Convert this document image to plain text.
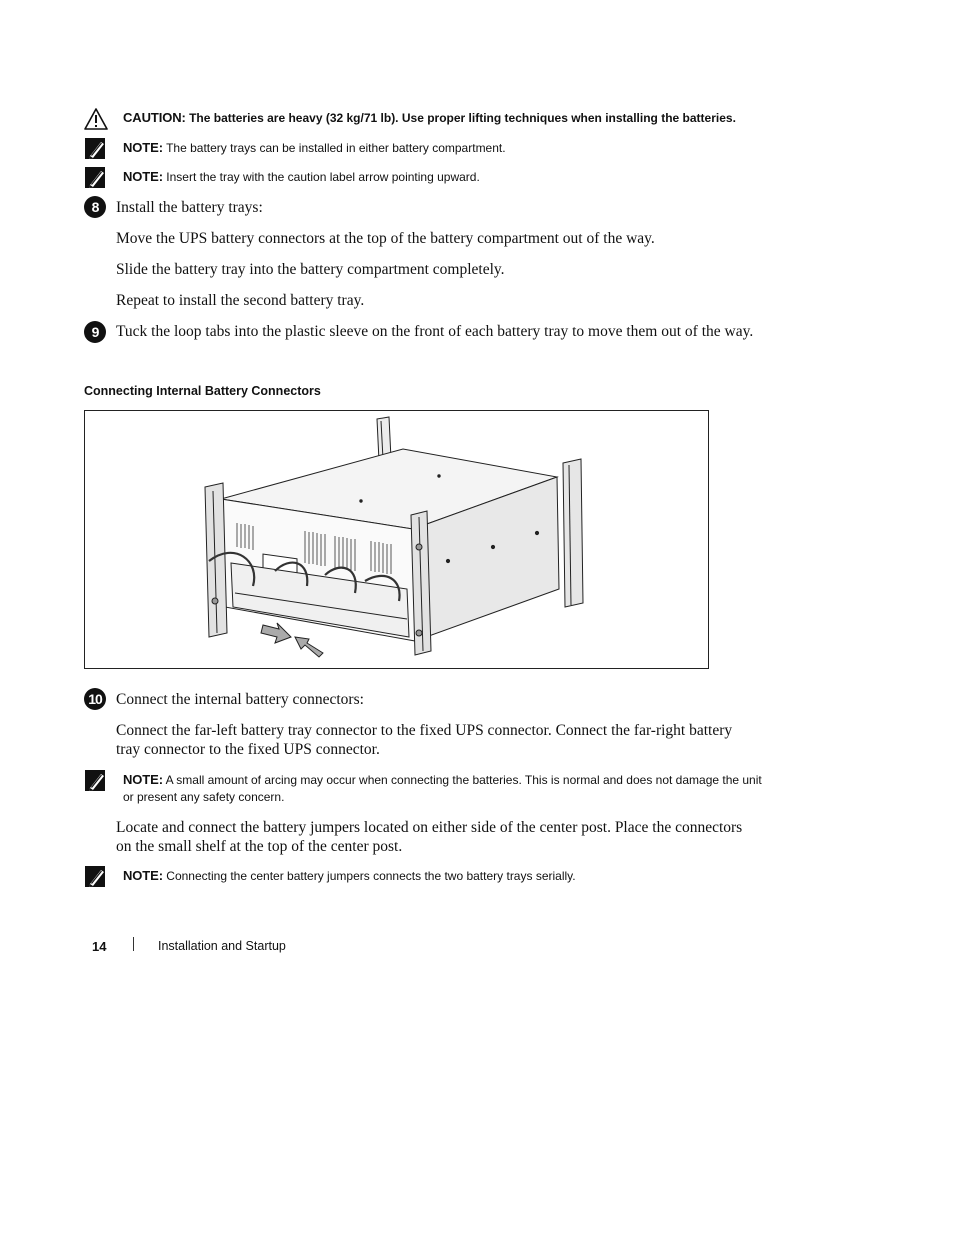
CAUTION: The batteries are heavy (32 kg/71 lb). Use proper lifting techniques when installing the batteries.
NOTE: The battery trays can be installed in either battery compartment.
NOTE: Insert the tray with the caution label arrow pointing upward.
8	Install the battery trays:
Move the UPS battery connectors at the top of the battery compartment out of the way.
Slide the battery tray into the battery compartment completely.
Repeat to install the second battery tray.
9	Tuck the loop tabs into the plastic sleeve on the front of each battery tray to move them out of the way.
Connecting Internal Battery Connectors
10 Connect the internal battery connectors:
Connect the far-left battery tray connector to the fixed UPS connector. Connect the far-right battery tray connector to the fixed UPS connector.
NOTE: A small amount of arcing may occur when connecting the batteries. This is normal and does not damage the unit or present any safety concern.
Locate and connect the battery jumpers located on either side of the center post. Place the connectors on the small shelf at the top of the center post.
NOTE: Connecting the center battery jumpers connects the two battery trays serially.
14	Installation and Startup
